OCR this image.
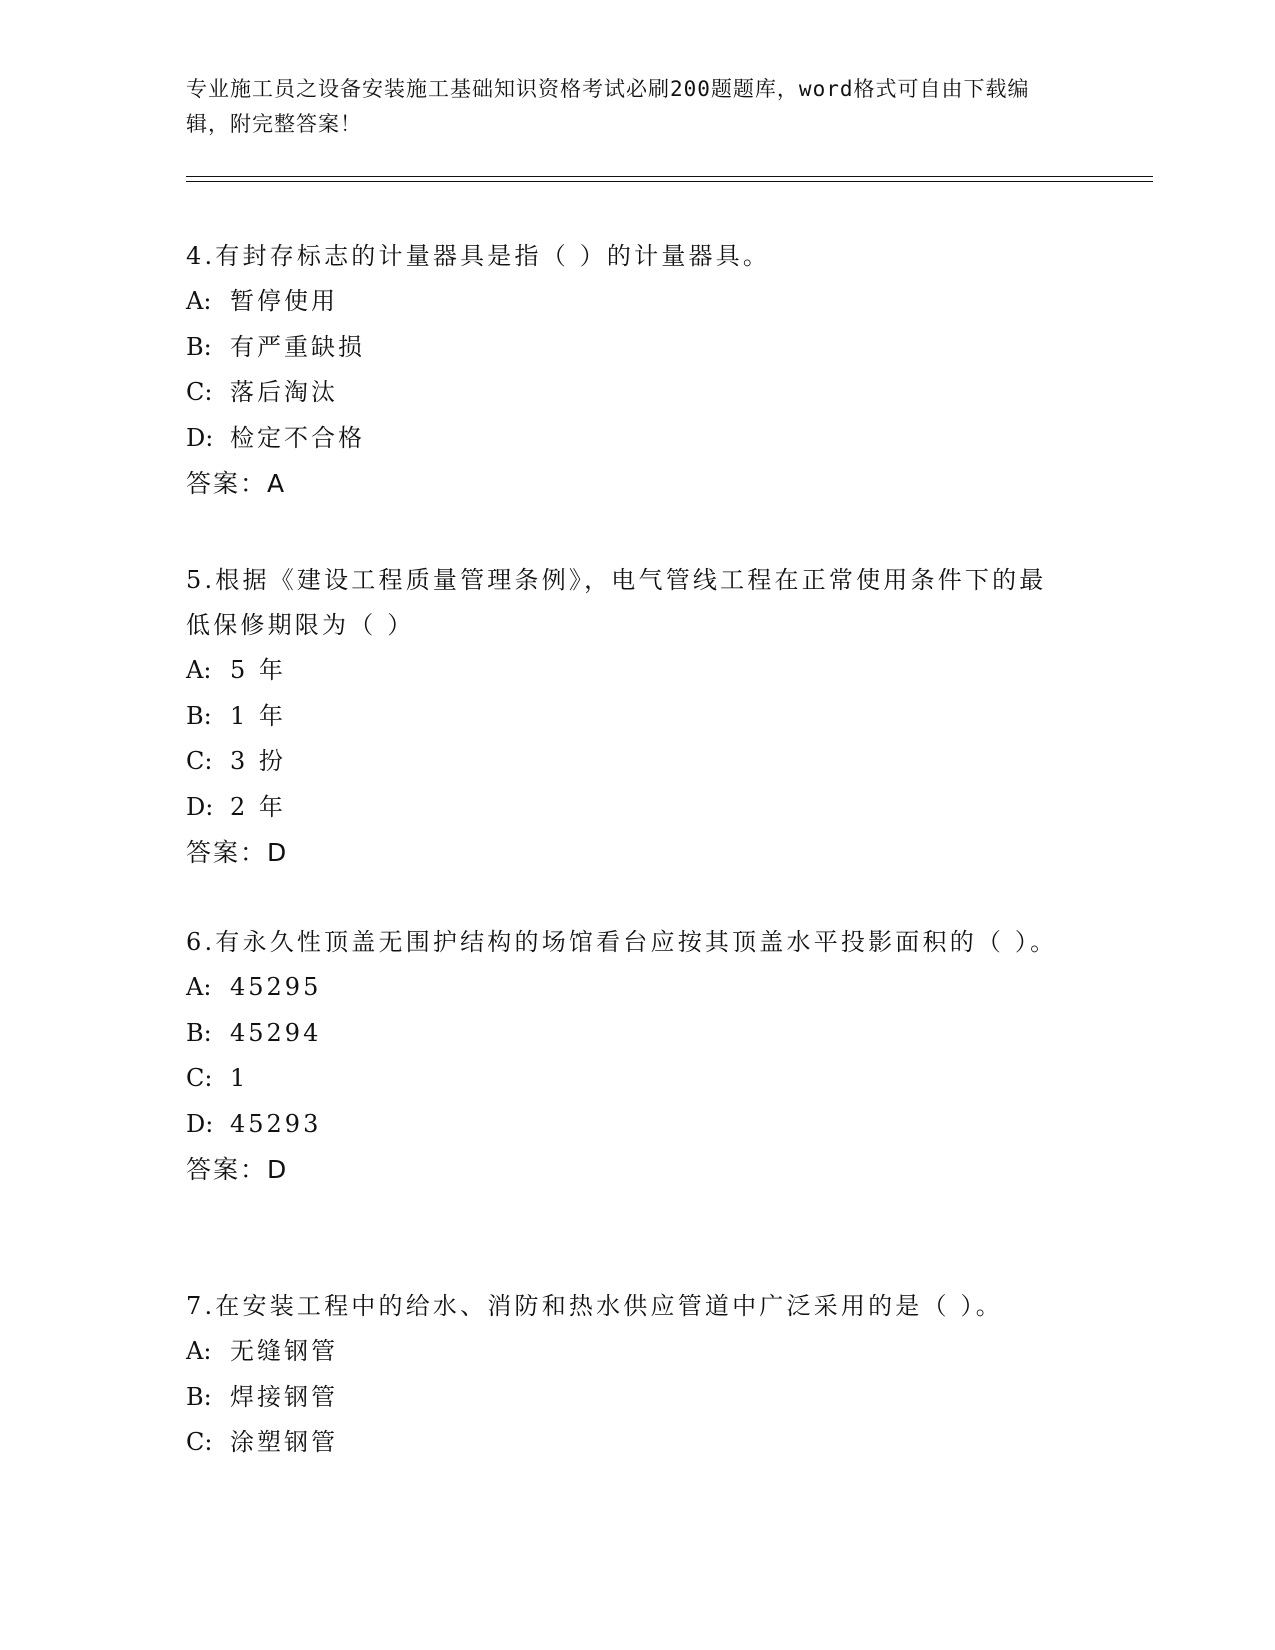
专业施工员之设备安装施工基础知识资格考试必刷200题题库，word格式可自由下载编辑，附完整答案！

4.有封存标志的计量器具是指（ ）的计量器具。

A: 暂停使用

B: 有严重缺损

C: 落后淘汰

D: 检定不合格

答案：A

5.根据《建设工程质量管理条例》，电气管线工程在正常使用条件下的最低保修期限为（ ）

A: 5 年

B: 1 年

C: 3 扮

D: 2 年

答案：D

6.有永久性顶盖无围护结构的场馆看台应按其顶盖水平投影面积的（ ）。

A: 45295

B: 45294

C: 1

D: 45293

答案：D

7.在安装工程中的给水、消防和热水供应管道中广泛采用的是（ ）。

A: 无缝钢管

B: 焊接钢管

C: 涂塑钢管
